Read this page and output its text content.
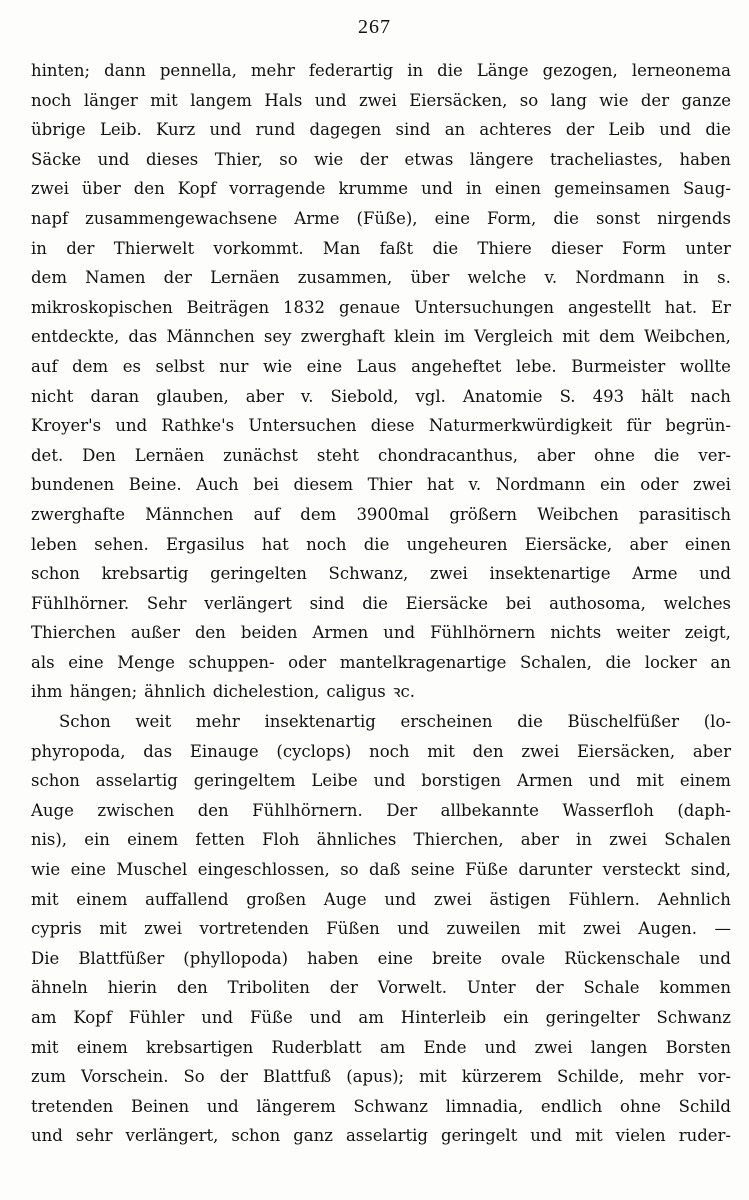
267
hinten; dann pennella, mehr federartig in die Länge gezogen, lerneonema
noch länger mit langem Hals und zwei Eiersäcken, so lang wie der ganze
übrige Leib. Kurz und rund dagegen sind an achteres der Leib und die
Säcke und dieses Thier, so wie der etwas längere tracheliastes, haben
zwei über den Kopf vorragende krumme und in einen gemeinsamen Saug-
napf zusammengewachsene Arme (Füße), eine Form, die sonst nirgends
in der Thierwelt vorkommt. Man faßt die Thiere dieser Form unter
dem Namen der Lernäen zusammen, über welche v. Nordmann in s.
mikroskopischen Beiträgen 1832 genaue Untersuchungen angestellt hat. Er
entdeckte, das Männchen sey zwerghaft klein im Vergleich mit dem Weibchen,
auf dem es selbst nur wie eine Laus angeheftet lebe. Burmeister wollte
nicht daran glauben, aber v. Siebold, vgl. Anatomie S. 493 hält nach
Kroyer's und Rathke's Untersuchen diese Naturmerkwürdigkeit für begrün-
det. Den Lernäen zunächst steht chondracanthus, aber ohne die ver-
bundenen Beine. Auch bei diesem Thier hat v. Nordmann ein oder zwei
zwerghafte Männchen auf dem 3900mal größern Weibchen parasitisch
leben sehen. Ergasilus hat noch die ungeheuren Eiersäcke, aber einen
schon krebsartig geringelten Schwanz, zwei insektenartige Arme und
Fühlhörner. Sehr verlängert sind die Eiersäcke bei authosoma, welches
Thierchen außer den beiden Armen und Fühlhörnern nichts weiter zeigt,
als eine Menge schuppen- oder mantelkragenartige Schalen, die locker an
ihm hängen; ähnlich dichelestion, caligus ꝛc.
Schon weit mehr insektenartig erscheinen die Büschelfüßer (lo-
phyropoda, das Einauge (cyclops) noch mit den zwei Eiersäcken, aber
schon asselartig geringeltem Leibe und borstigen Armen und mit einem
Auge zwischen den Fühlhörnern. Der allbekannte Wasserfloh (daph-
nis), ein einem fetten Floh ähnliches Thierchen, aber in zwei Schalen
wie eine Muschel eingeschlossen, so daß seine Füße darunter versteckt sind,
mit einem auffallend großen Auge und zwei ästigen Fühlern. Aehnlich
cypris mit zwei vortretenden Füßen und zuweilen mit zwei Augen. —
Die Blattfüßer (phyllopoda) haben eine breite ovale Rückenschale und
ähneln hierin den Triboliten der Vorwelt. Unter der Schale kommen
am Kopf Fühler und Füße und am Hinterleib ein geringelter Schwanz
mit einem krebsartigen Ruderblatt am Ende und zwei langen Borsten
zum Vorschein. So der Blattfuß (apus); mit kürzerem Schilde, mehr vor-
tretenden Beinen und längerem Schwanz limnadia, endlich ohne Schild
und sehr verlängert, schon ganz asselartig geringelt und mit vielen ruder-
